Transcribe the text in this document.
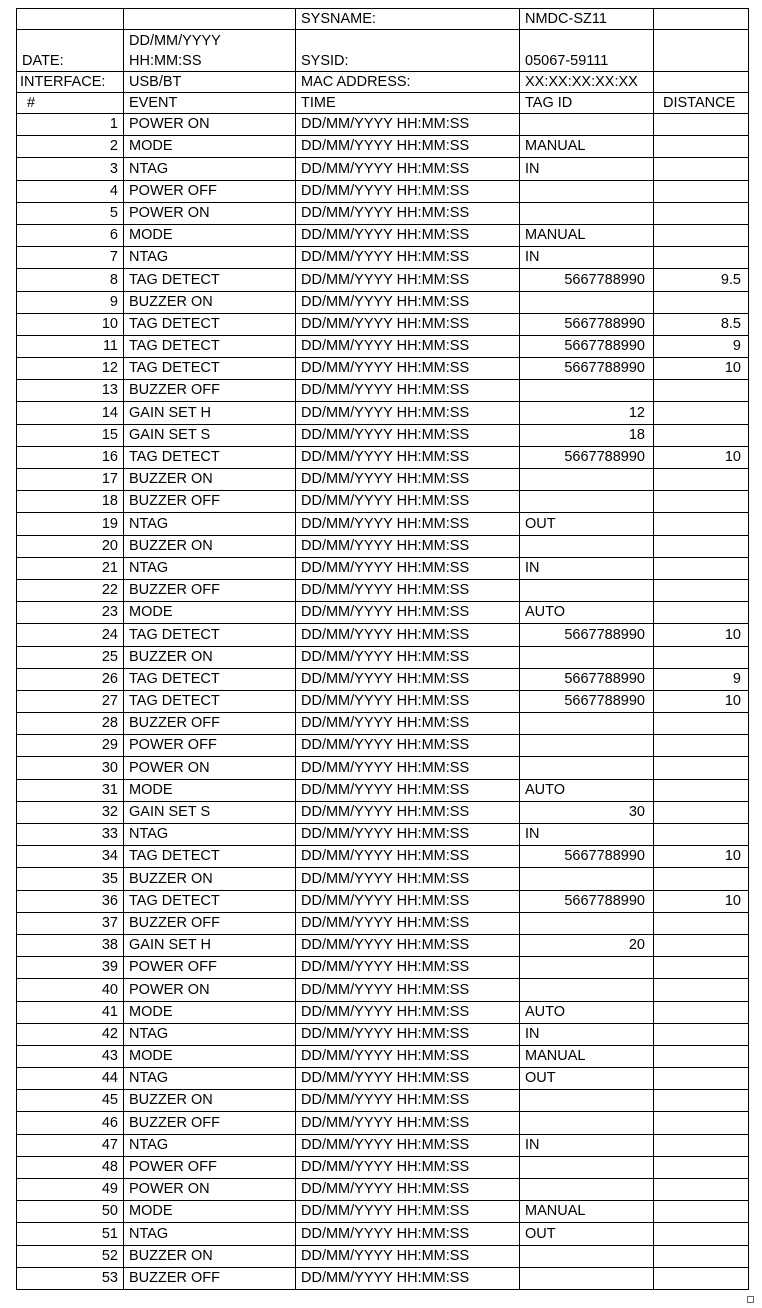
		SYSNAME:	NMDC-SZ11	
DATE:	DD/MM/YYYY HH:MM:SS	SYSID:	05067-59111	
INTERFACE:	USB/BT	MAC ADDRESS:	XX:XX:XX:XX:XX	
#	EVENT	TIME	TAG ID	DISTANCE
1	POWER ON	DD/MM/YYYY HH:MM:SS		
2	MODE	DD/MM/YYYY HH:MM:SS	MANUAL	
3	NTAG	DD/MM/YYYY HH:MM:SS	IN	
4	POWER OFF	DD/MM/YYYY HH:MM:SS		
5	POWER ON	DD/MM/YYYY HH:MM:SS		
6	MODE	DD/MM/YYYY HH:MM:SS	MANUAL	
7	NTAG	DD/MM/YYYY HH:MM:SS	IN	
8	TAG DETECT	DD/MM/YYYY HH:MM:SS	5667788990	9.5
9	BUZZER ON	DD/MM/YYYY HH:MM:SS		
10	TAG DETECT	DD/MM/YYYY HH:MM:SS	5667788990	8.5
11	TAG DETECT	DD/MM/YYYY HH:MM:SS	5667788990	9
12	TAG DETECT	DD/MM/YYYY HH:MM:SS	5667788990	10
13	BUZZER OFF	DD/MM/YYYY HH:MM:SS		
14	GAIN SET H	DD/MM/YYYY HH:MM:SS	12	
15	GAIN SET S	DD/MM/YYYY HH:MM:SS	18	
16	TAG DETECT	DD/MM/YYYY HH:MM:SS	5667788990	10
17	BUZZER ON	DD/MM/YYYY HH:MM:SS		
18	BUZZER OFF	DD/MM/YYYY HH:MM:SS		
19	NTAG	DD/MM/YYYY HH:MM:SS	OUT	
20	BUZZER ON	DD/MM/YYYY HH:MM:SS		
21	NTAG	DD/MM/YYYY HH:MM:SS	IN	
22	BUZZER OFF	DD/MM/YYYY HH:MM:SS		
23	MODE	DD/MM/YYYY HH:MM:SS	AUTO	
24	TAG DETECT	DD/MM/YYYY HH:MM:SS	5667788990	10
25	BUZZER ON	DD/MM/YYYY HH:MM:SS		
26	TAG DETECT	DD/MM/YYYY HH:MM:SS	5667788990	9
27	TAG DETECT	DD/MM/YYYY HH:MM:SS	5667788990	10
28	BUZZER OFF	DD/MM/YYYY HH:MM:SS		
29	POWER OFF	DD/MM/YYYY HH:MM:SS		
30	POWER ON	DD/MM/YYYY HH:MM:SS		
31	MODE	DD/MM/YYYY HH:MM:SS	AUTO	
32	GAIN SET S	DD/MM/YYYY HH:MM:SS	30	
33	NTAG	DD/MM/YYYY HH:MM:SS	IN	
34	TAG DETECT	DD/MM/YYYY HH:MM:SS	5667788990	10
35	BUZZER ON	DD/MM/YYYY HH:MM:SS		
36	TAG DETECT	DD/MM/YYYY HH:MM:SS	5667788990	10
37	BUZZER OFF	DD/MM/YYYY HH:MM:SS		
38	GAIN SET H	DD/MM/YYYY HH:MM:SS	20	
39	POWER OFF	DD/MM/YYYY HH:MM:SS		
40	POWER ON	DD/MM/YYYY HH:MM:SS		
41	MODE	DD/MM/YYYY HH:MM:SS	AUTO	
42	NTAG	DD/MM/YYYY HH:MM:SS	IN	
43	MODE	DD/MM/YYYY HH:MM:SS	MANUAL	
44	NTAG	DD/MM/YYYY HH:MM:SS	OUT	
45	BUZZER ON	DD/MM/YYYY HH:MM:SS		
46	BUZZER OFF	DD/MM/YYYY HH:MM:SS		
47	NTAG	DD/MM/YYYY HH:MM:SS	IN	
48	POWER OFF	DD/MM/YYYY HH:MM:SS		
49	POWER ON	DD/MM/YYYY HH:MM:SS		
50	MODE	DD/MM/YYYY HH:MM:SS	MANUAL	
51	NTAG	DD/MM/YYYY HH:MM:SS	OUT	
52	BUZZER ON	DD/MM/YYYY HH:MM:SS		
53	BUZZER OFF	DD/MM/YYYY HH:MM:SS		
